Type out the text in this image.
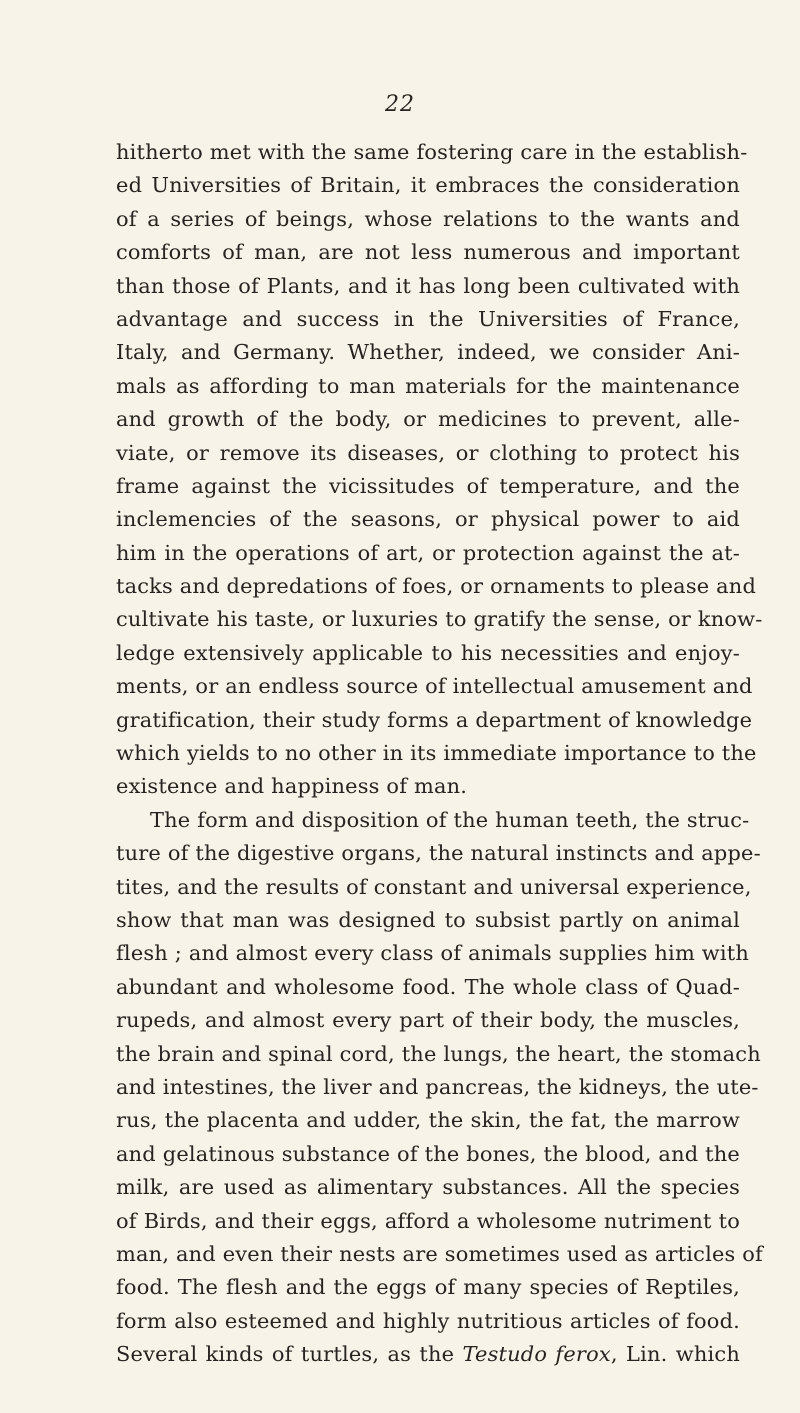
22
hitherto met with the same fostering care in the establish-
ed Universities of Britain, it embraces the consideration
of a series of beings, whose relations to the wants and
comforts of man, are not less numerous and important
than those of Plants, and it has long been cultivated with
advantage and success in the Universities of France,
Italy, and Germany. Whether, indeed, we consider Ani-
mals as affording to man materials for the maintenance
and growth of the body, or medicines to prevent, alle-
viate, or remove its diseases, or clothing to protect his
frame against the vicissitudes of temperature, and the
inclemencies of the seasons, or physical power to aid
him in the operations of art, or protection against the at-
tacks and depredations of foes, or ornaments to please and
cultivate his taste, or luxuries to gratify the sense, or know-
ledge extensively applicable to his necessities and enjoy-
ments, or an endless source of intellectual amusement and
gratification, their study forms a department of knowledge
which yields to no other in its immediate importance to the
existence and happiness of man.
The form and disposition of the human teeth, the struc-
ture of the digestive organs, the natural instincts and appe-
tites, and the results of constant and universal experience,
show that man was designed to subsist partly on animal
flesh ; and almost every class of animals supplies him with
abundant and wholesome food. The whole class of Quad-
rupeds, and almost every part of their body, the muscles,
the brain and spinal cord, the lungs, the heart, the stomach
and intestines, the liver and pancreas, the kidneys, the ute-
rus, the placenta and udder, the skin, the fat, the marrow
and gelatinous substance of the bones, the blood, and the
milk, are used as alimentary substances. All the species
of Birds, and their eggs, afford a wholesome nutriment to
man, and even their nests are sometimes used as articles of
food. The flesh and the eggs of many species of Reptiles,
form also esteemed and highly nutritious articles of food.
Several kinds of turtles, as the Testudo ferox, Lin. which
